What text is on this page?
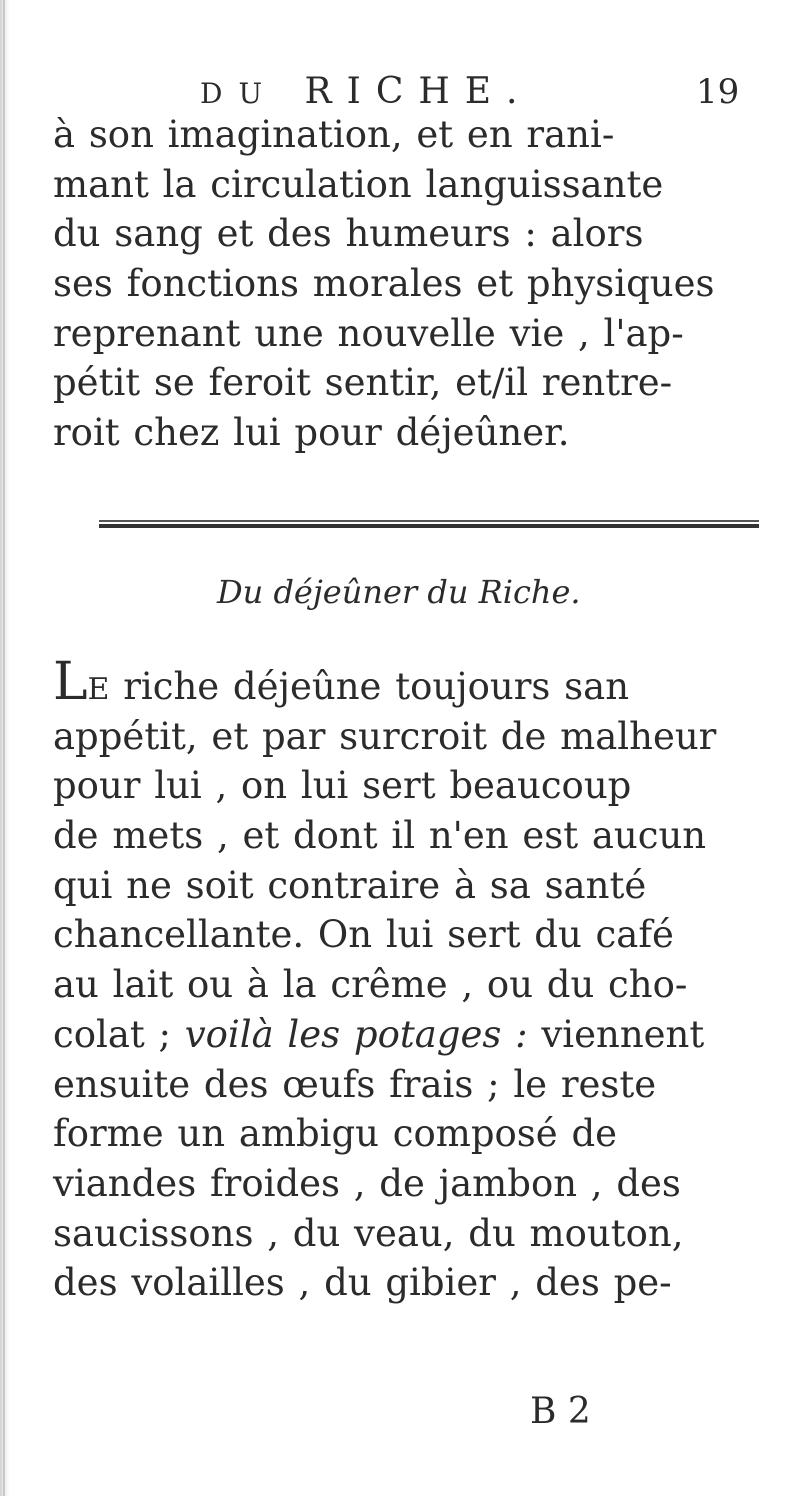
DU RICHE.	19
à son imagination, et en rani-
mant la circulation languissante
du sang et des humeurs : alors
ses fonctions morales et physiques
reprenant une nouvelle vie , l'ap-
pétit se feroit sentir, et/il rentre-
roit chez lui pour déjeûner.
Du déjeûner du Riche.
LE riche déjeûne toujours san
appétit, et par surcroit de malheur
pour lui , on lui sert beaucoup
de mets , et dont il n'en est aucun
qui ne soit contraire à sa santé
chancellante. On lui sert du café
au lait ou à la crême , ou du cho-
colat ; voilà les potages : viennent
ensuite des œufs frais ; le reste
forme un ambigu composé de
viandes froides , de jambon , des
saucissons , du veau, du mouton,
des volailles , du gibier , des pe-
B 2
